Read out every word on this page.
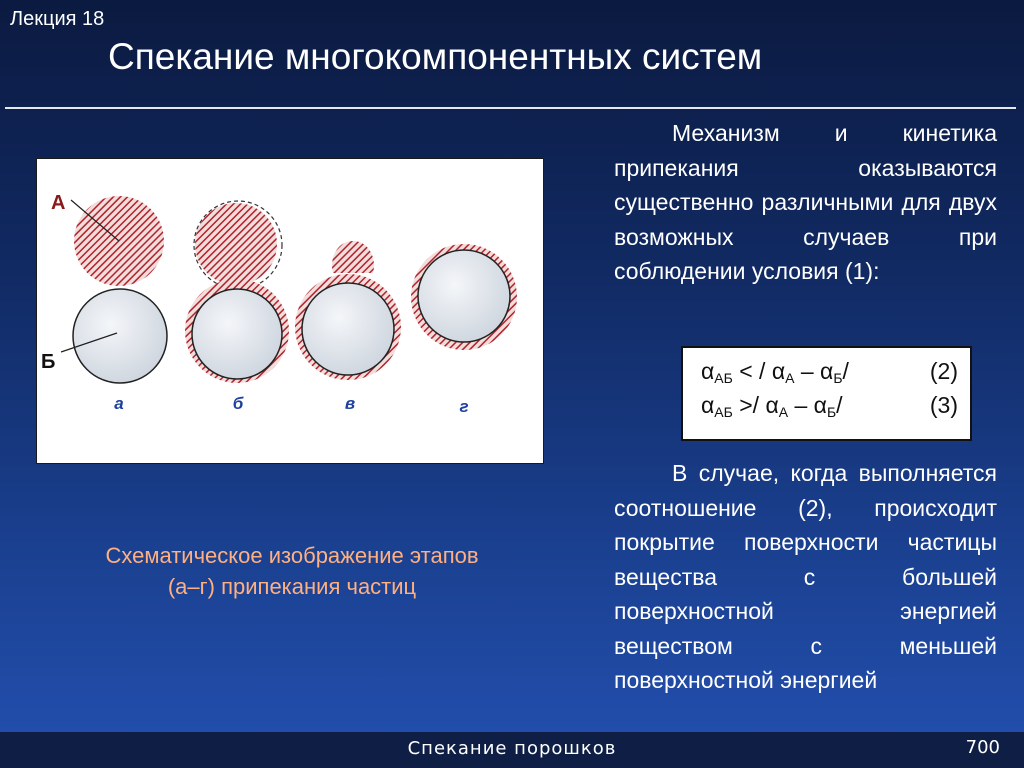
Лекция 18
Спекание многокомпонентных систем
А
Б
а	б	в	г
Схематическое изображение этапов
(а–г) припекания частиц
Механизм и кинетика припекания оказываются существенно различными для двух возможных случаев при соблюдении условия (1):
$\alpha_{АБ}$ < / $\alpha_А - \alpha_Б/$	(2)
$\alpha_{АБ} >/ \alpha_А - \alpha_Б/$	(3)
В случае, когда выполняется соотношение (2), происходит покрытие поверхности частицы вещества с большей поверхностной энергией веществом с меньшей поверхностной энергией
Спекание порошков	700
